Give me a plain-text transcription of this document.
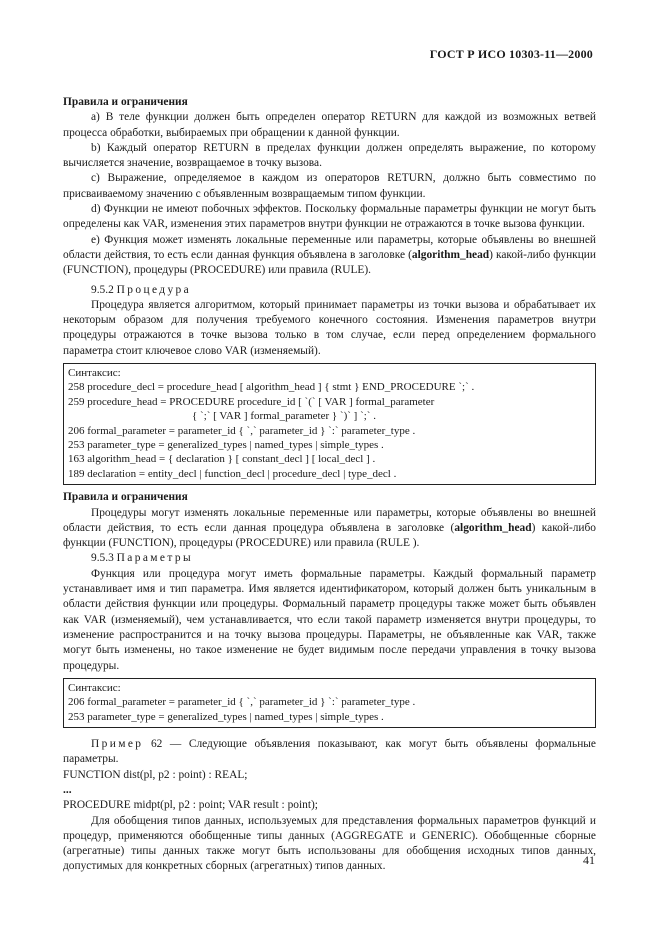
ГОСТ Р ИСО 10303-11—2000

Правила и ограничения

а) В теле функции должен быть определен оператор RETURN для каждой из возможных ветвей процесса обработки, выбираемых при обращении к данной функции.

b) Каждый оператор RETURN в пределах функции должен определять выражение, по которому вычисляется значение, возвращаемое в точку вызова.

с) Выражение, определяемое в каждом из операторов RETURN, должно быть совместимо по присваиваемому значению с объявленным возвращаемым типом функции.

d) Функции не имеют побочных эффектов. Поскольку формальные параметры функции не могут быть определены как VAR, изменения этих параметров внутри функции не отражаются в точке вызова функции.

е) Функция может изменять локальные переменные или параметры, которые объявлены во внешней области действия, то есть если данная функция объявлена в заголовке (algorithm_head) какой-либо функции (FUNCTION), процедуры (PROCEDURE) или правила (RULE).

9.5.2 Процедура

Процедура является алгоритмом, который принимает параметры из точки вызова и обрабатывает их некоторым образом для получения требуемого конечного состояния. Изменения параметров внутри процедуры отражаются в точке вызова только в том случае, если перед определением формального параметра стоит ключевое слово VAR (изменяемый).

Синтаксис:
258 procedure_decl = procedure_head [ algorithm_head ] { stmt } END_PROCEDURE `;` .
259 procedure_head = PROCEDURE procedure_id [ `(` [ VAR ] formal_parameter
{ `;` [ VAR ] formal_parameter } `)` ] `;` .
206 formal_parameter = parameter_id { `,` parameter_id } `:` parameter_type .
253 parameter_type = generalized_types | named_types | simple_types .
163 algorithm_head = { declaration } [ constant_decl ] [ local_decl ] .
189 declaration = entity_decl | function_decl | procedure_decl | type_decl .

Правила и ограничения

Процедуры могут изменять локальные переменные или параметры, которые объявлены во внешней области действия, то есть если данная процедура объявлена в заголовке (algorithm_head) какой-либо функции (FUNCTION), процедуры (PROCEDURE) или правила (RULE ).

9.5.3 Параметры

Функция или процедура могут иметь формальные параметры. Каждый формальный параметр устанавливает имя и тип параметра. Имя является идентификатором, который должен быть уникальным в области действия функции или процедуры. Формальный параметр процедуры также может быть объявлен как VAR (изменяемый), чем устанавливается, что если такой параметр изменяется внутри процедуры, то изменение распространится и на точку вызова процедуры. Параметры, не объявленные как VAR, также могут быть изменены, но такое изменение не будет видимым после передачи управления в точку вызова процедуры.

Синтаксис:
206 formal_parameter = parameter_id { `,` parameter_id } `:` parameter_type .
253 parameter_type = generalized_types | named_types | simple_types .

Пример 62 — Следующие объявления показывают, как могут быть объявлены формальные параметры.

FUNCTION dist(pl, p2 : point) : REAL;

...

PROCEDURE midpt(pl, p2 : point; VAR result : point);

Для обобщения типов данных, используемых для представления формальных параметров функций и процедур, применяются обобщенные типы данных (AGGREGATE и GENERIC). Обобщенные сборные (агрегатные) типы данных также могут быть использованы для обобщения исходных типов данных, допустимых для конкретных сборных (агрегатных) типов данных.	41
